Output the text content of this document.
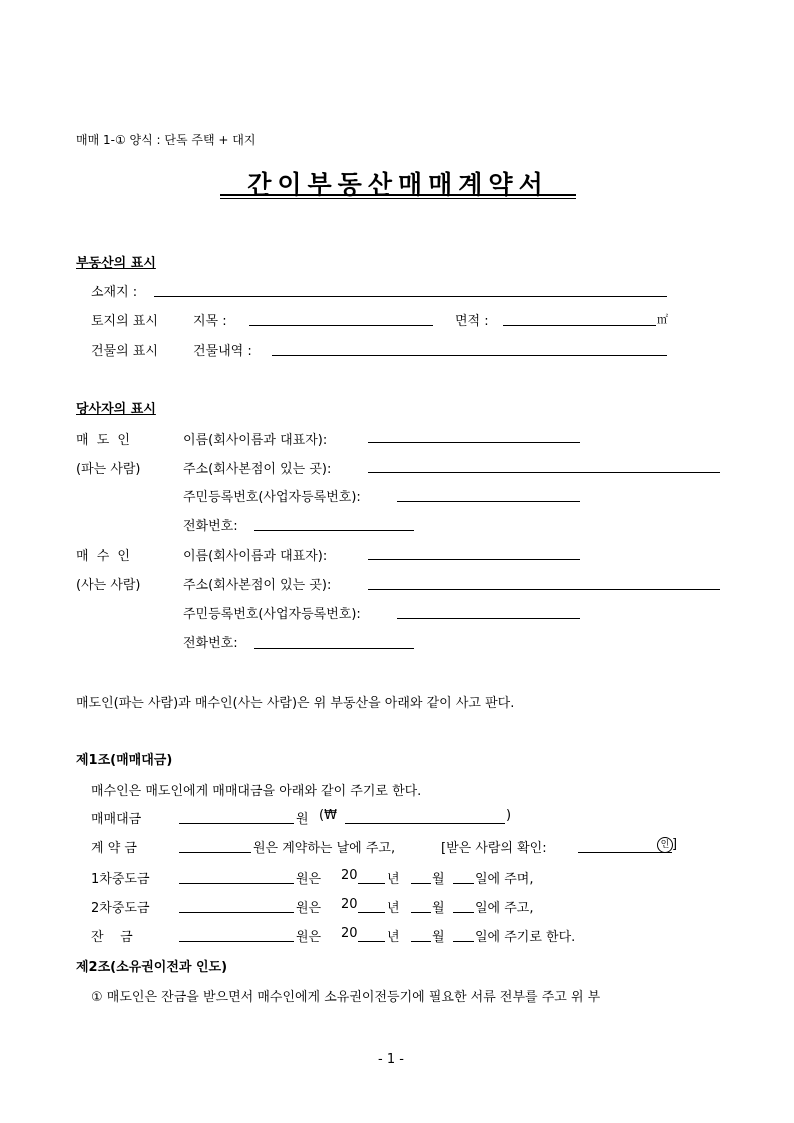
매매 1-① 양식 : 단독 주택 + 대지
간이부동산매매계약서
부동산의 표시
소재지 :
토지의 표시	지목 :	면적 :	㎡
건물의 표시	건물내역 :
당사자의 표시
매 도 인	이름(회사이름과 대표자):
(파는 사람)	주소(회사본점이 있는 곳):
주민등록번호(사업자등록번호):
전화번호:
매 수 인	이름(회사이름과 대표자):
(사는 사람)	주소(회사본점이 있는 곳):
주민등록번호(사업자등록번호):
전화번호:
매도인(파는 사람)과 매수인(사는 사람)은 위 부동산을 아래와 같이 사고 판다.
제1조(매매대금)
매수인은 매도인에게 매매대금을 아래와 같이 주기로 한다.
매매대금	원 (₩	)
계 약 금	원은 계약하는 날에 주고,	[받은 사람의 확인:	인 ]
1차중도금	원은 20 년 월 일에 주며,
2차중도금	원은 20 년 월 일에 주고,
잔    금	원은 20 년 월 일에 주기로 한다.
제2조(소유권이전과 인도)
① 매도인은 잔금을 받으면서 매수인에게 소유권이전등기에 필요한 서류 전부를 주고 위 부
- 1 -
